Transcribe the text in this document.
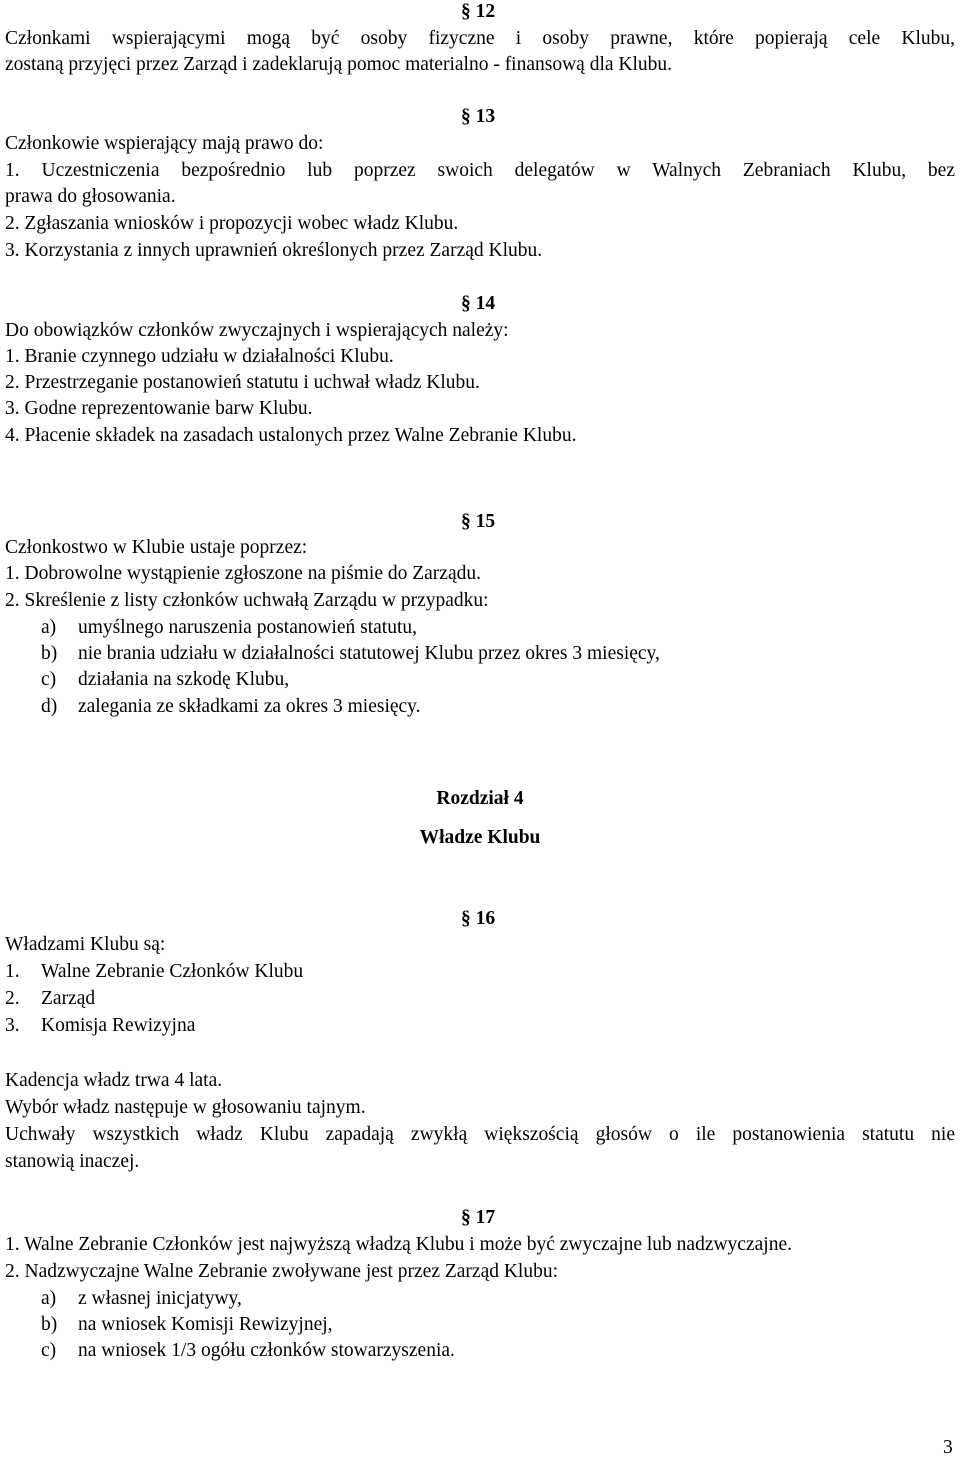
§ 12
Członkami wspierającymi mogą być osoby fizyczne i osoby prawne, które popierają cele Klubu,
zostaną przyjęci przez Zarząd i zadeklarują pomoc materialno - finansową dla Klubu.
§ 13
Członkowie wspierający mają prawo do:
1. Uczestniczenia bezpośrednio lub poprzez swoich delegatów w Walnych Zebraniach Klubu, bez
prawa do głosowania.
2. Zgłaszania wniosków i propozycji wobec władz Klubu.
3. Korzystania z innych uprawnień określonych przez Zarząd Klubu.
§ 14
Do obowiązków członków zwyczajnych i wspierających należy:
1. Branie czynnego udziału w działalności Klubu.
2. Przestrzeganie postanowień statutu i uchwał władz Klubu.
3. Godne reprezentowanie barw Klubu.
4. Płacenie składek na zasadach ustalonych przez Walne Zebranie Klubu.
§ 15
Członkostwo w Klubie ustaje poprzez:
1. Dobrowolne wystąpienie zgłoszone na piśmie do Zarządu.
2. Skreślenie z listy członków uchwałą Zarządu w przypadku:
a) umyślnego naruszenia postanowień statutu,
b) nie brania udziału w działalności statutowej Klubu przez okres 3 miesięcy,
c) działania na szkodę Klubu,
d) zalegania ze składkami za okres 3 miesięcy.
Rozdział 4
Władze Klubu
§ 16
Władzami Klubu są:
1. Walne Zebranie Członków Klubu
2. Zarząd
3. Komisja Rewizyjna
Kadencja władz trwa 4 lata.
Wybór władz następuje w głosowaniu tajnym.
Uchwały wszystkich władz Klubu zapadają zwykłą większością głosów o ile postanowienia statutu nie
stanowią inaczej.
§ 17
1. Walne Zebranie Członków jest najwyższą władzą Klubu i może być zwyczajne lub nadzwyczajne.
2. Nadzwyczajne Walne Zebranie zwoływane jest przez Zarząd Klubu:
a) z własnej inicjatywy,
b) na wniosek Komisji Rewizyjnej,
c) na wniosek 1/3 ogółu członków stowarzyszenia.
3
